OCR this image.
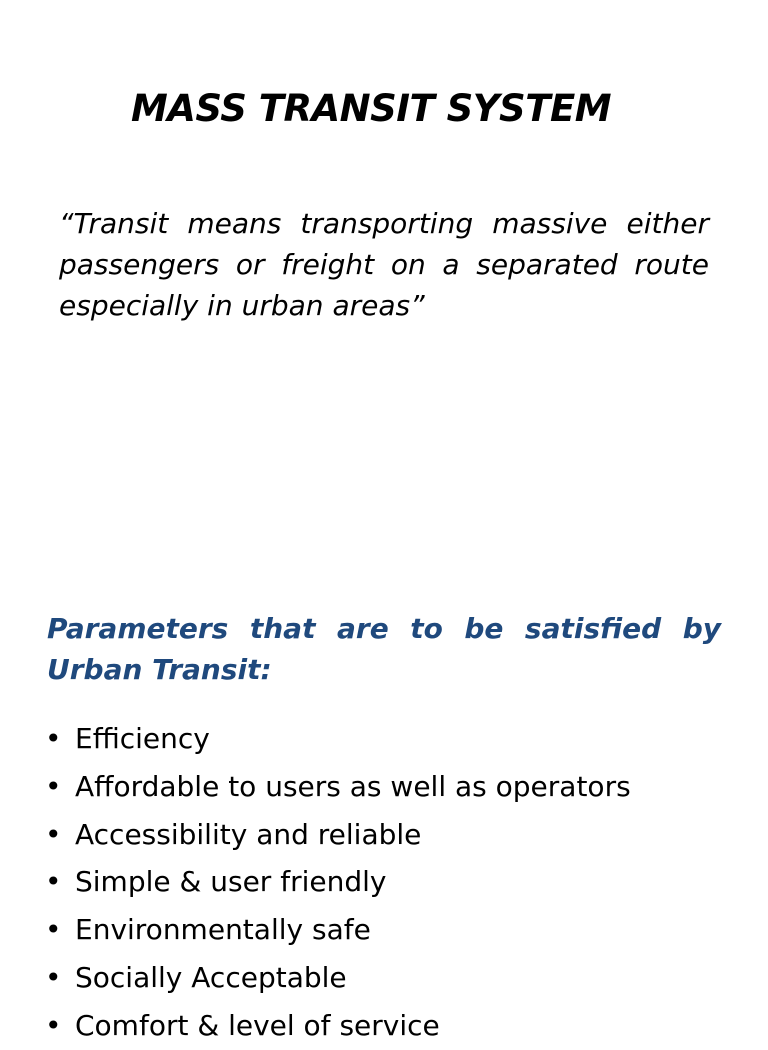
MASS TRANSIT SYSTEM

“Transit means transporting massive either passengers or freight on a separated route especially in urban areas”

Parameters that are to be satisfied by Urban Transit:

• Efficiency
• Affordable to users as well as operators
• Accessibility and reliable
• Simple & user friendly
• Environmentally safe
• Socially Acceptable
• Comfort & level of service
